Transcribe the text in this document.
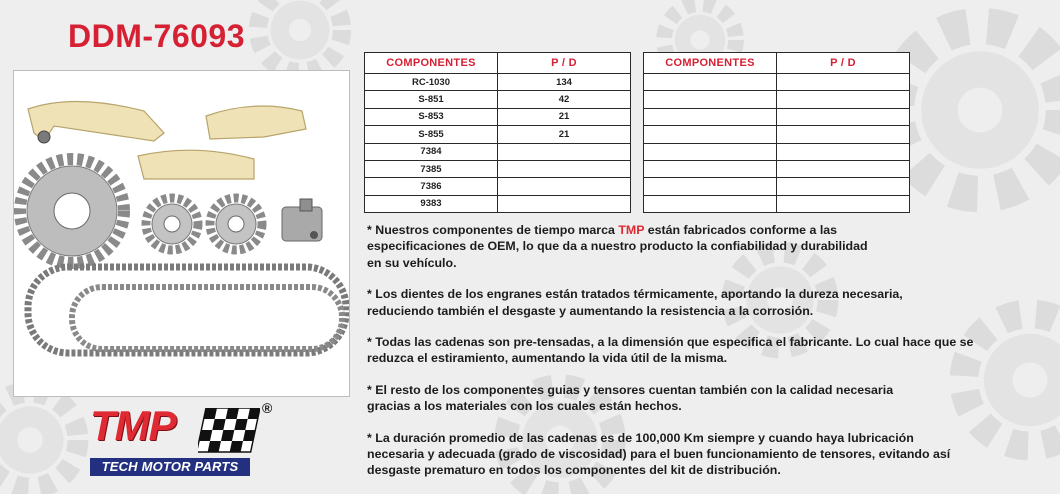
DDM-76093
COMPONENTES	P / D
RC-1030	134
S-851	42
S-853	21
S-855	21
7384	
7385	
7386	
9383	
COMPONENTES	P / D

* Nuestros componentes de tiempo marca TMP están fabricados conforme a las
especificaciones de OEM, lo que da a nuestro producto la confiabilidad y durabilidad
en su vehículo.

* Los dientes de los engranes están tratados térmicamente, aportando la dureza necesaria,
reduciendo también el desgaste y aumentando la resistencia a la corrosión.

* Todas las cadenas son pre-tensadas, a la dimensión que especifica el fabricante. Lo cual hace que se
reduzca el estiramiento, aumentando la vida útil de la misma.

* El resto de los componentes guias y tensores cuentan también con la calidad necesaria
gracias a los materiales con los cuales están hechos.

* La duración promedio de las cadenas es de 100,000 Km siempre y cuando haya lubricación
necesaria y adecuada (grado de viscosidad) para el buen funcionamiento de tensores, evitando así
desgaste prematuro en todos los componentes del kit de distribución.

TMP	®
TECH MOTOR PARTS
